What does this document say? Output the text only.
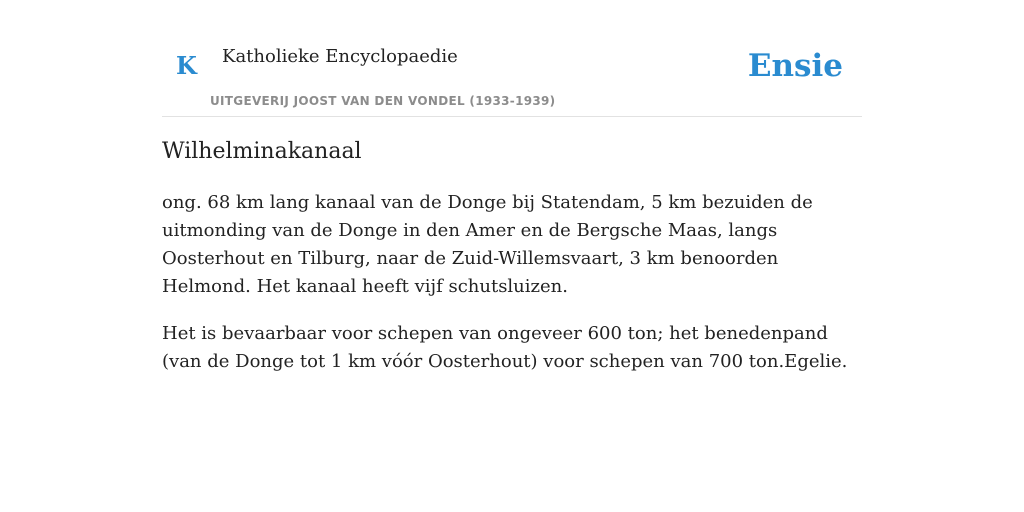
K Katholieke Encyclopaedie
UITGEVERIJ JOOST VAN DEN VONDEL (1933-1939)
Ensie
Wilhelminakanaal

ong. 68 km lang kanaal van de Donge bij Statendam, 5 km bezuiden de uitmonding van de Donge in den Amer en de Bergsche Maas, langs Oosterhout en Tilburg, naar de Zuid-Willemsvaart, 3 km benoorden Helmond. Het kanaal heeft vijf schutsluizen.

Het is bevaarbaar voor schepen van ongeveer 600 ton; het benedenpand (van de Donge tot 1 km vóór Oosterhout) voor schepen van 700 ton.Egelie.
